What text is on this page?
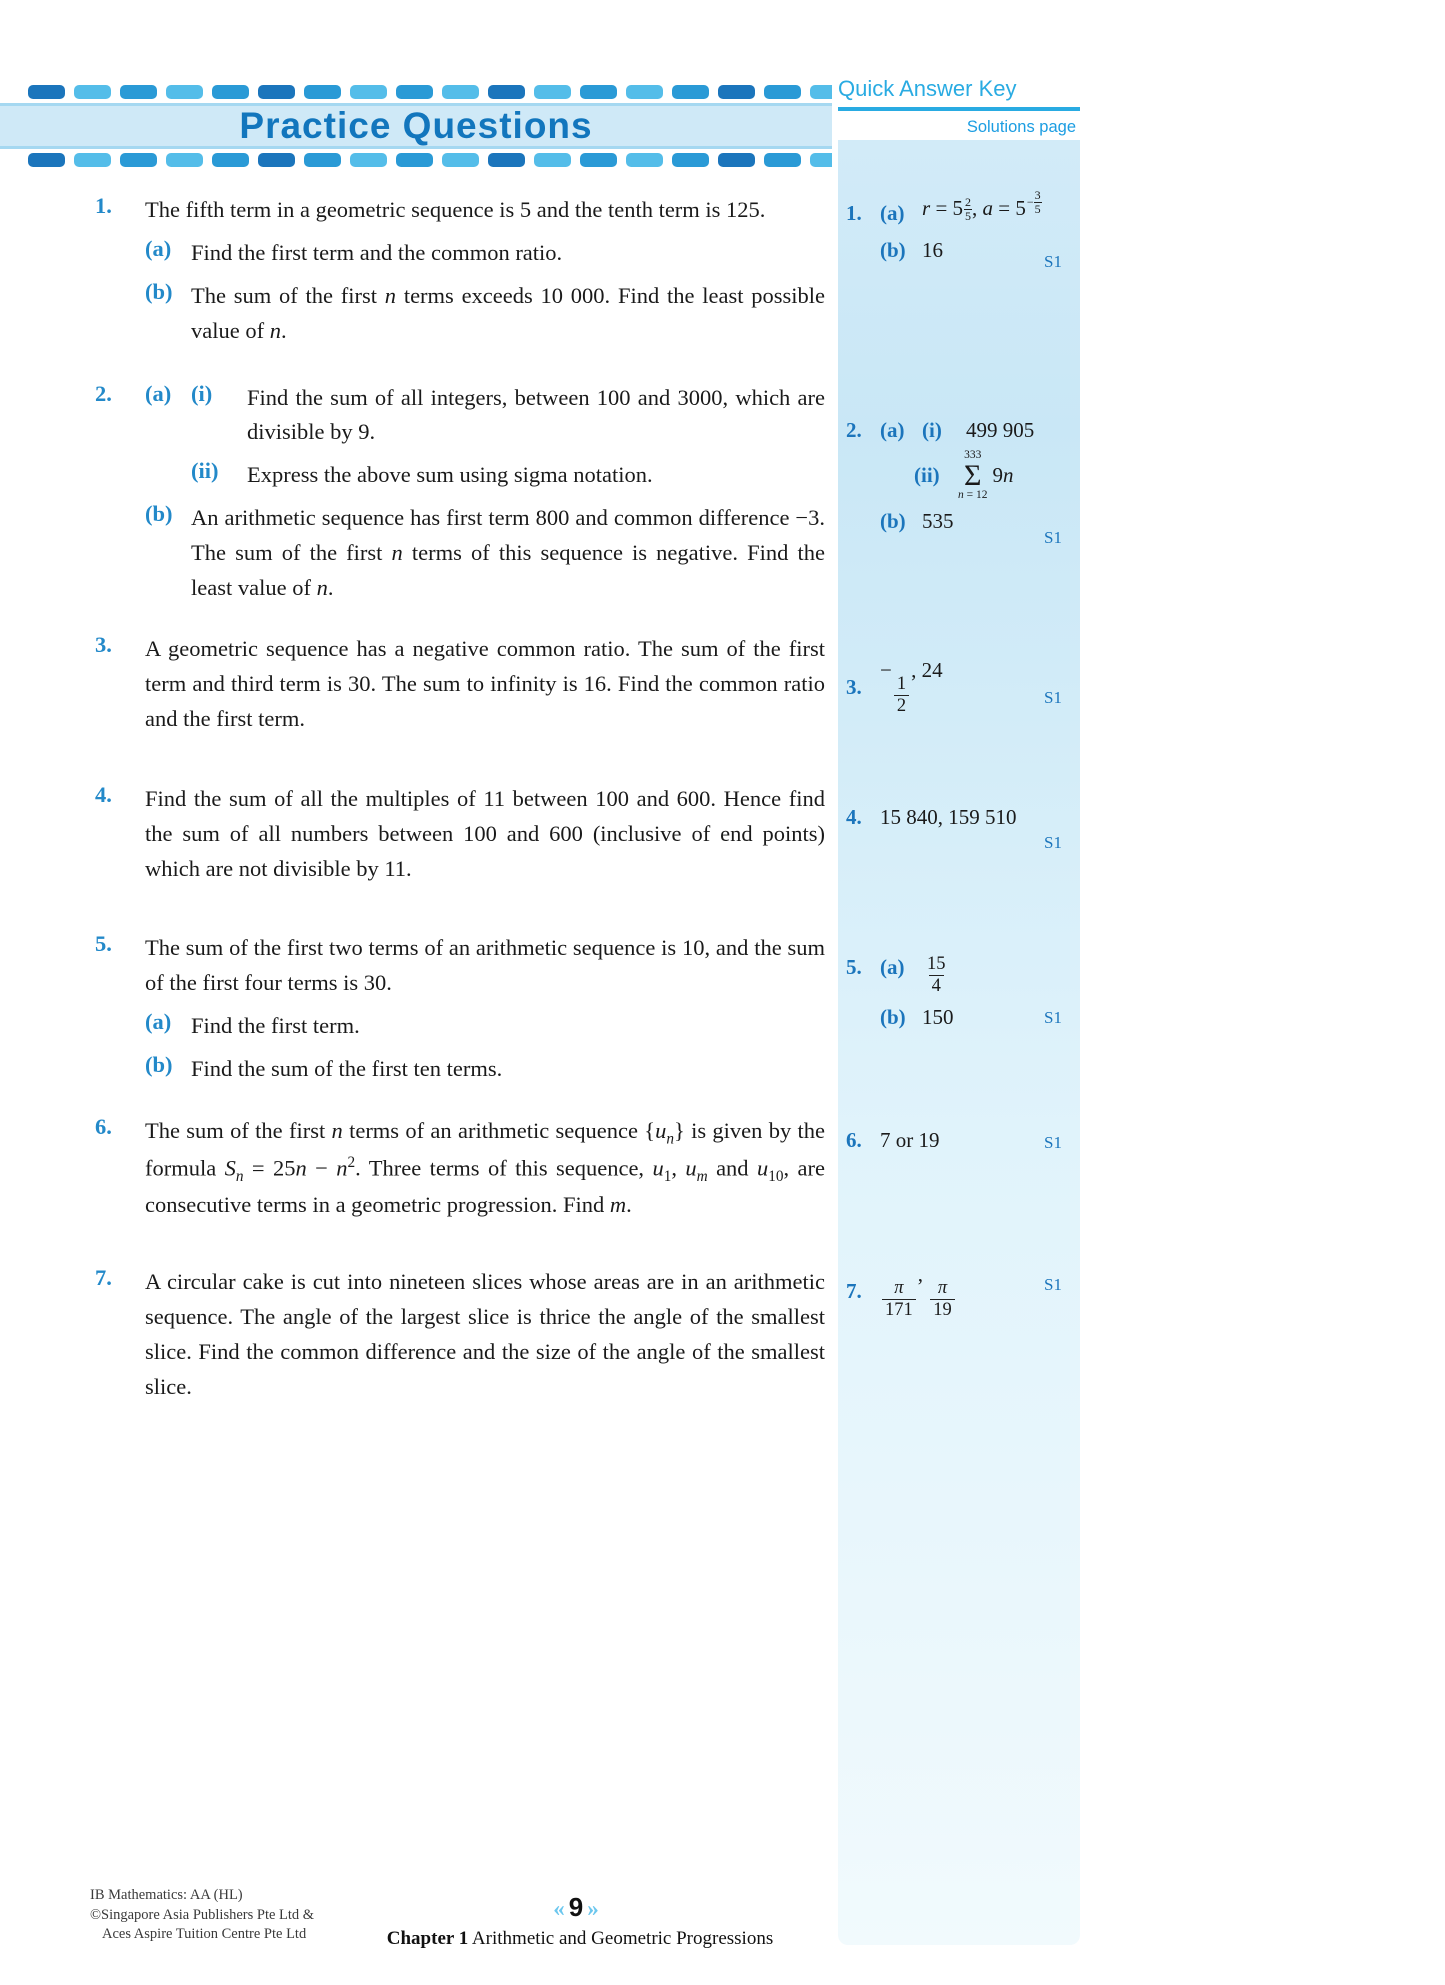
Practice Questions
Quick Answer Key
Solutions page
1.	The fifth term in a geometric sequence is 5 and the tenth term is 125.

(a) Find the first term and the common ratio.

(b) The sum of the first n terms exceeds 10 000. Find the least possible value of n.

2.	(a) (i)	Find the sum of all integers, between 100 and 3000, which are divisible by 9.

(ii)	Express the above sum using sigma notation.

(b) An arithmetic sequence has first term 800 and common difference −3. The sum of the first n terms of this sequence is negative. Find the least value of n.

3.	A geometric sequence has a negative common ratio. The sum of the first term and third term is 30. The sum to infinity is 16. Find the common ratio and the first term.

4.	Find the sum of all the multiples of 11 between 100 and 600. Hence find the sum of all numbers between 100 and 600 (inclusive of end points) which are not divisible by 11.

5.	The sum of the first two terms of an arithmetic sequence is 10, and the sum of the first four terms is 30.

(a) Find the first term.

(b) Find the sum of the first ten terms.

6.	The sum of the first n terms of an arithmetic sequence $\{u_n\}$ is given by the formula $S_n = 25n - n^2$. Three terms of this sequence, $u_1$, $u_m$ and $u_{10}$, are consecutive terms in a geometric progression. Find m.

7.	A circular cake is cut into nineteen slices whose areas are in an arithmetic sequence. The angle of the largest slice is thrice the angle of the smallest slice. Find the common difference and the size of the angle of the smallest slice.

1. (a) r = 5 2
5 , $a = 5 - \frac{3}{5}$
(b) 16	S1
2. (a) (i)	499 905
(ii)
333
Σ
n = 12
9n
(b) 535
S1
3.
−
$\frac{1}{2}$
, 24
S1
4. 15 840, 159 510
S1
5. (a)	$\frac{15}{4}$
(b) 150	S1
6. 7 or 19	S1
7.	$\frac{\pi}{171}$
,
$\frac{\pi}{19}$	S1
IB Mathematics: AA (HL)
©Singapore Asia Publishers Pte Ltd &
Aces Aspire Tuition Centre Pte Ltd
« 9 »
Chapter 1 Arithmetic and Geometric Progressions
